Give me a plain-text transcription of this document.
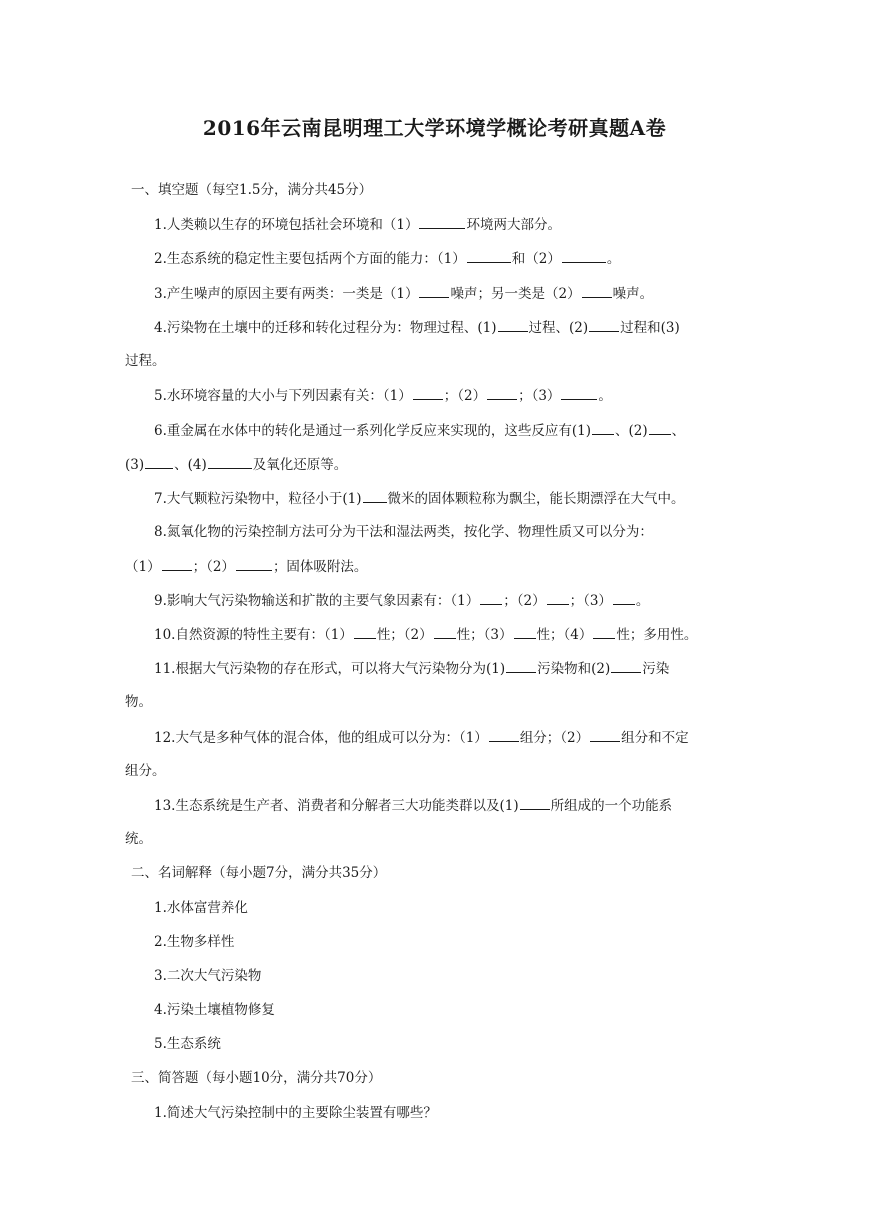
2016年云南昆明理工大学环境学概论考研真题A卷
一、填空题（每空1.5分，满分共45分）
1.人类赖以生存的环境包括社会环境和（1）	环境两大部分。
2.生态系统的稳定性主要包括两个方面的能力：（1）	和（2）	。
3.产生噪声的原因主要有两类：一类是（1） 噪声；另一类是（2） 噪声。
4.污染物在土壤中的迁移和转化过程分为：物理过程、(1) 过程、(2) 过程和(3)
过程。
5.水环境容量的大小与下列因素有关：（1） ；（2） ；（3）	。
6.重金属在水体中的转化是通过一系列化学反应来实现的，这些反应有(1) 、(2) 、
(3) 、(4)	及氧化还原等。
7.大气颗粒污染物中，粒径小于(1) 微米的固体颗粒称为飘尘，能长期漂浮在大气中。
8.氮氧化物的污染控制方法可分为干法和湿法两类，按化学、物理性质又可以分为：
（1） ；（2）	；固体吸附法。
9.影响大气污染物输送和扩散的主要气象因素有：（1） ；（2） ；（3） 。
10.自然资源的特性主要有：（1） 性；（2） 性；（3） 性；（4） 性；多用性。
11.根据大气污染物的存在形式，可以将大气污染物分为(1) 污染物和(2) 污染
物。
12.大气是多种气体的混合体，他的组成可以分为：（1） 组分；（2） 组分和不定
组分。
13.生态系统是生产者、消费者和分解者三大功能类群以及(1) 所组成的一个功能系
统。
二、名词解释（每小题7分，满分共35分）
1.水体富营养化
2.生物多样性
3.二次大气污染物
4.污染土壤植物修复
5.生态系统
三、简答题（每小题10分，满分共70分）
1.简述大气污染控制中的主要除尘装置有哪些？
